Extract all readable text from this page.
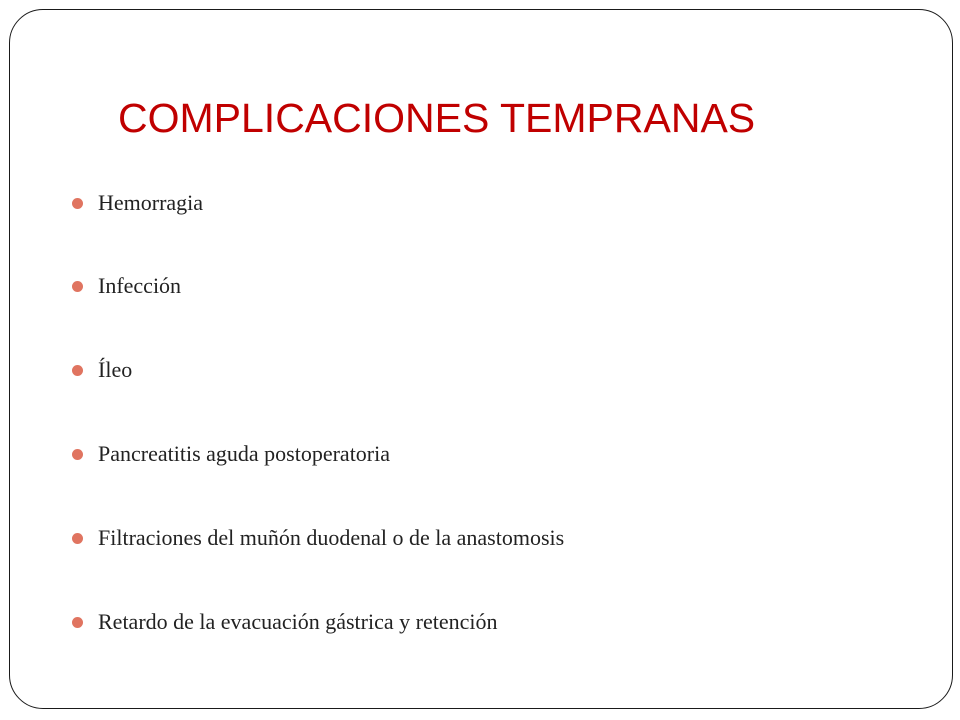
COMPLICACIONES TEMPRANAS
Hemorragia
Infección
Íleo
Pancreatitis aguda postoperatoria
Filtraciones del muñón duodenal o de la anastomosis
Retardo de la evacuación gástrica y retención
